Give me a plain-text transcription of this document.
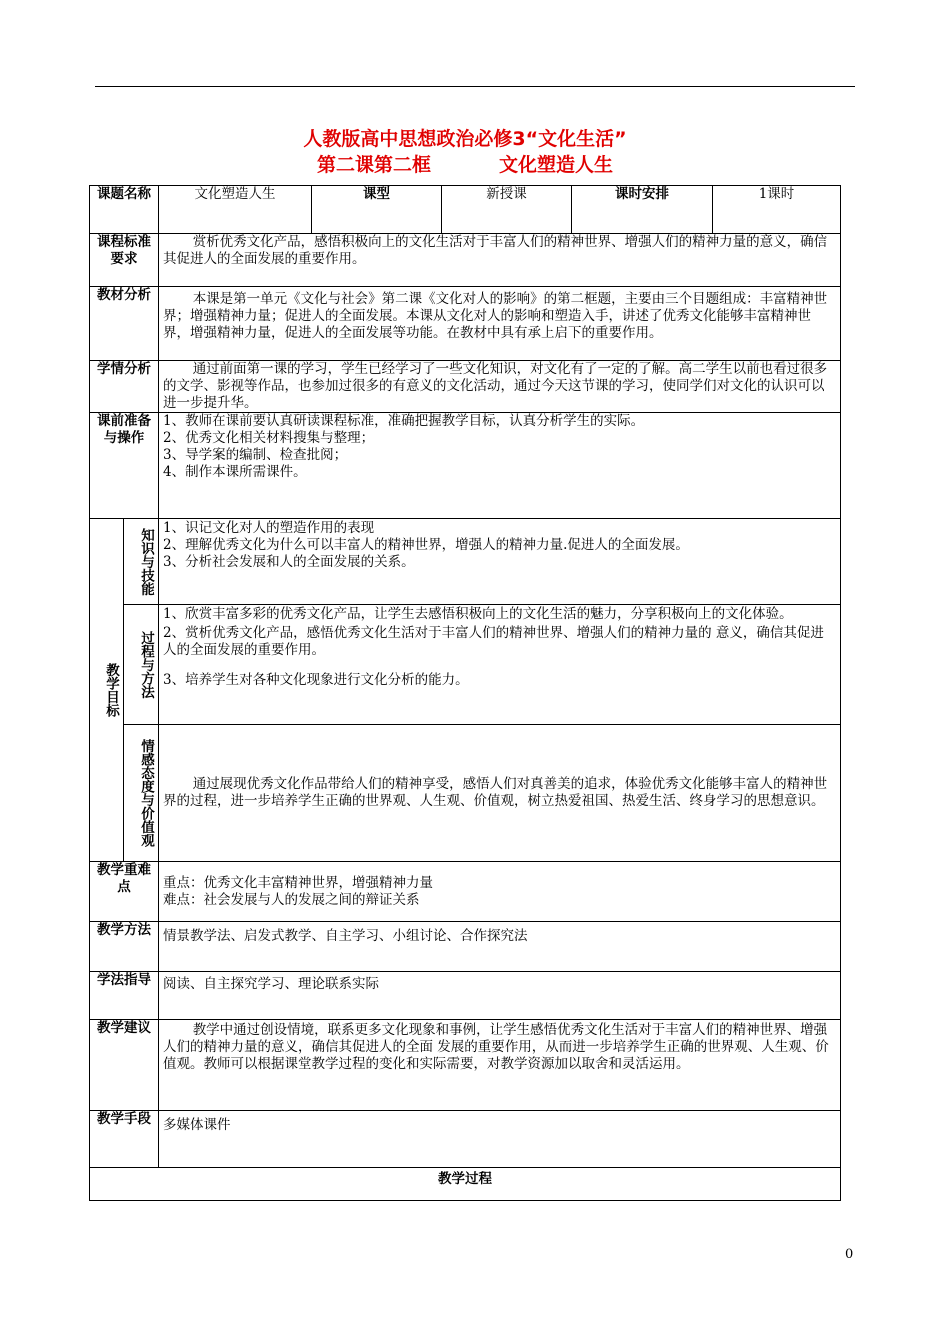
人教版高中思想政治必修3“文化生活”
第二课第二框	文化塑造人生
课题名称		文化塑造人生	课型	新授课	课时安排	1课时
课程标准要求		赏析优秀文化产品，感悟积极向上的文化生活对于丰富人们的精神世界、增强人们的精神力量的意义，确信其促进人的全面发展的重要作用。				
教材分析		本课是第一单元《文化与社会》第二课《文化对人的影响》的第二框题，主要由三个目题组成：丰富精神世界；增强精神力量；促进人的全面发展。本课从文化对人的影响和塑造入手，讲述了优秀文化能够丰富精神世界，增强精神力量，促进人的全面发展等功能。在教材中具有承上启下的重要作用。				
学情分析		通过前面第一课的学习，学生已经学习了一些文化知识，对文化有了一定的了解。高二学生以前也看过很多的文学、影视等作品，也参加过很多的有意义的文化活动，通过今天这节课的学习，使同学们对文化的认识可以进一步提升华。				
课前准备与操作		1、教师在课前要认真研读课程标准，准确把握教学目标，认真分析学生的实际。
2、优秀文化相关材料搜集与整理；
3、导学案的编制、检查批阅；
4、制作本课所需课件。				

教学目标	知识与技能	1、识记文化对人的塑造作用的表现
2、理解优秀文化为什么可以丰富人的精神世界，增强人的精神力量.促进人的全面发展。
3、分析社会发展和人的全面发展的关系。				

	过程与方法	1、欣赏丰富多彩的优秀文化产品，让学生去感悟积极向上的文化生活的魅力，分享积极向上的文化体验。
2、赏析优秀文化产品，感悟优秀文化生活对于丰富人们的精神世界、增强人们的精神力量的 意义，确信其促进人的全面发展的重要作用。
3、培养学生对各种文化现象进行文化分析的能力。				

	情感态度与价值观	通过展现优秀文化作品带给人们的精神享受，感悟人们对真善美的追求，体验优秀文化能够丰富人的精神世界的过程，进一步培养学生正确的世界观、人生观、价值观，树立热爱祖国、热爱生活、终身学习的思想意识。				
教学重难点		重点：优秀文化丰富精神世界，增强精神力量
难点：社会发展与人的发展之间的辩证关系				

教学方法		情景教学法、启发式教学、自主学习、小组讨论、合作探究法				
学法指导		阅读、自主探究学习、理论联系实际				
教学建议		教学中通过创设情境，联系更多文化现象和事例，让学生感悟优秀文化生活对于丰富人们的精神世界、增强人们的精神力量的意义，确信其促进人的全面 发展的重要作用，从而进一步培养学生正确的世界观、人生观、价值观。教师可以根据课堂教学过程的变化和实际需要，对教学资源加以取舍和灵活运用。				
教学手段		多媒体课件				
教学过程						
0
